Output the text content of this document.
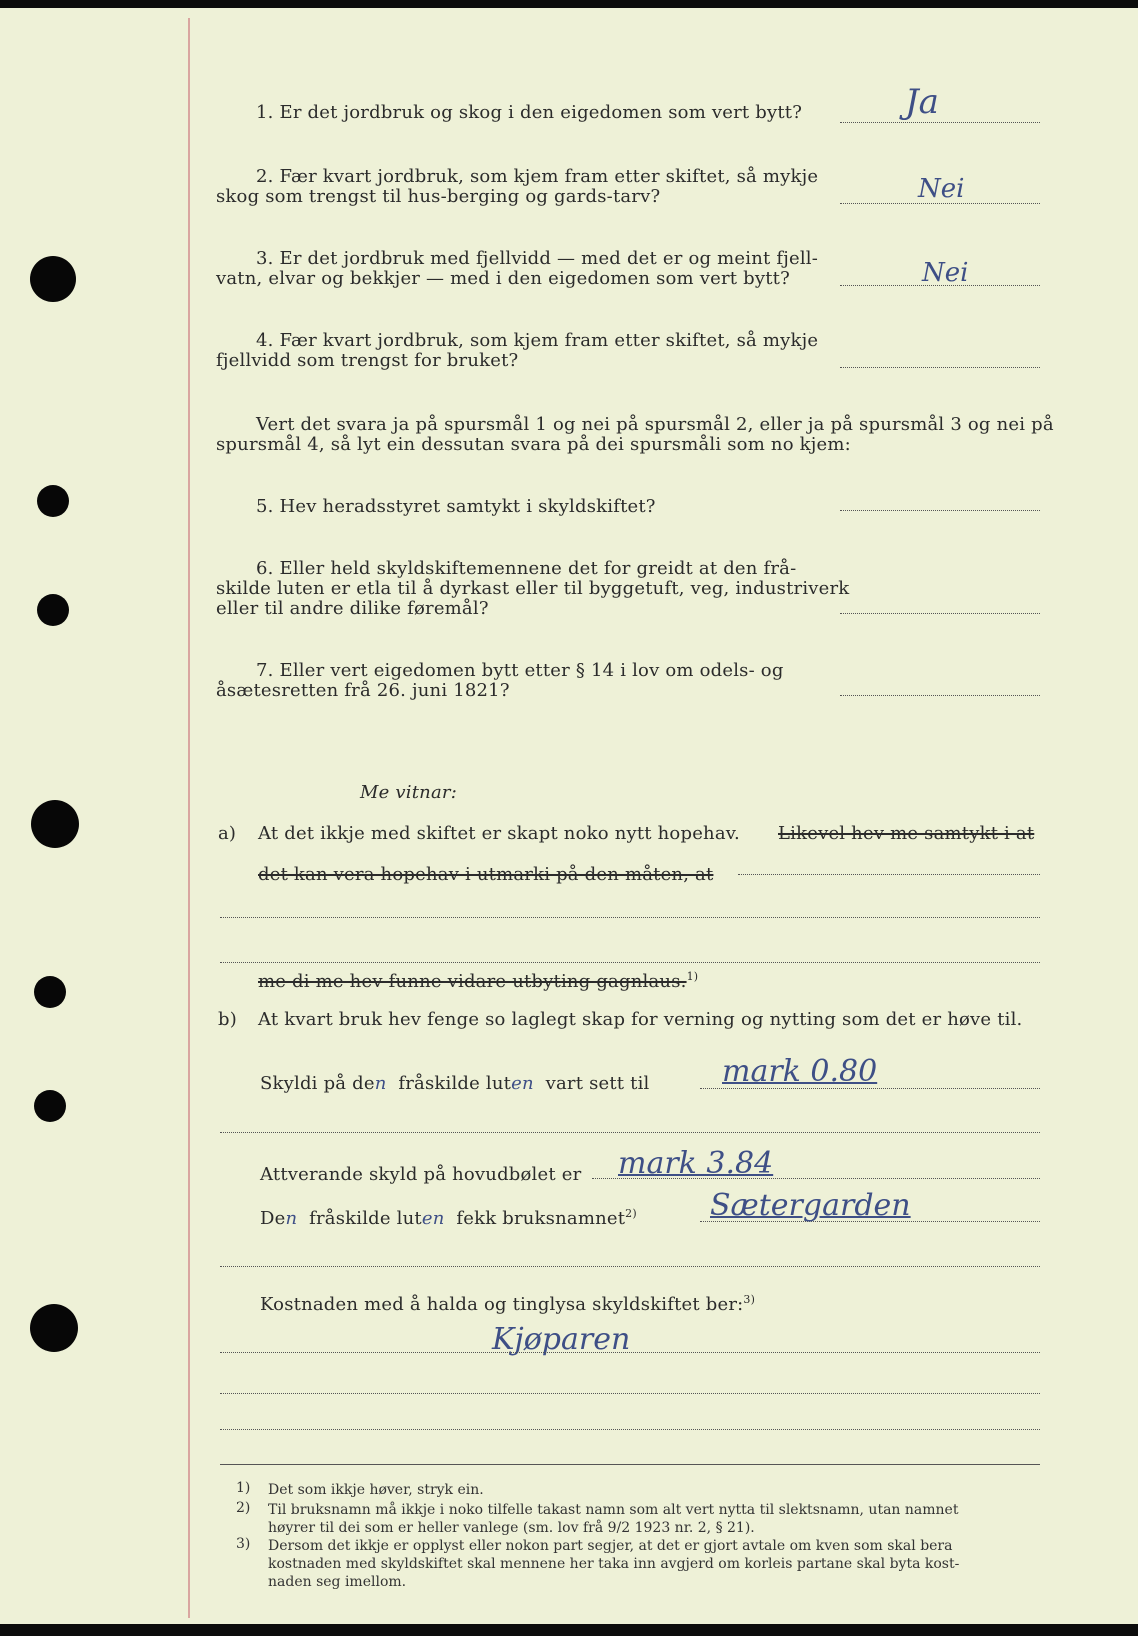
1. Er det jordbruk og skog i den eigedomen som vert bytt?	Ja
2. Fær kvart jordbruk, som kjem fram etter skiftet, så mykje
skog som trengst til hus-berging og gards-tarv?	Nei
3. Er det jordbruk med fjellvidd — med det er og meint fjell-
vatn, elvar og bekkjer — med i den eigedomen som vert bytt?	Nei
4. Fær kvart jordbruk, som kjem fram etter skiftet, så mykje
fjellvidd som trengst for bruket?
Vert det svara ja på spursmål 1 og nei på spursmål 2, eller ja på spursmål 3 og nei på
spursmål 4, så lyt ein dessutan svara på dei spursmåli som no kjem:
5. Hev heradsstyret samtykt i skyldskiftet?
6. Eller held skyldskiftemennene det for greidt at den frå-
skilde luten er etla til å dyrkast eller til byggetuft, veg, industriverk
eller til andre dilike føremål?
7. Eller vert eigedomen bytt etter § 14 i lov om odels- og
åsætesretten frå 26. juni 1821?
Me vitnar:
a) At det ikkje med skiftet er skapt noko nytt hopehav. Likevel hev me samtykt i at
det kan vera hopehav i utmarki på den måten, at
me di me hev funne vidare utbyting gagnlaus.$^{1)}$
b) At kvart bruk hev fenge so laglegt skap for verning og nytting som det er høve til.
Skyldi på den fråskilde luten vart sett til mark 0.80
Attverande skyld på hovudbølet er mark 3.84
Den fråskilde luten fekk bruksnamnet$^{2)}$ Sætergarden
Kostnaden med å halda og tinglysa skyldskiftet ber:$^{3)}$
Kjøparen
1) Det som ikkje høver, stryk ein.
2) Til bruksnamn må ikkje i noko tilfelle takast namn som alt vert nytta til slektsnamn, utan namnet
høyrer til dei som er heller vanlege (sm. lov frå 9/2 1923 nr. 2, § 21).
3) Dersom det ikkje er opplyst eller nokon part segjer, at det er gjort avtale om kven som skal bera
kostnaden med skyldskiftet skal mennene her taka inn avgjerd om korleis partane skal byta kost-
naden seg imellom.
